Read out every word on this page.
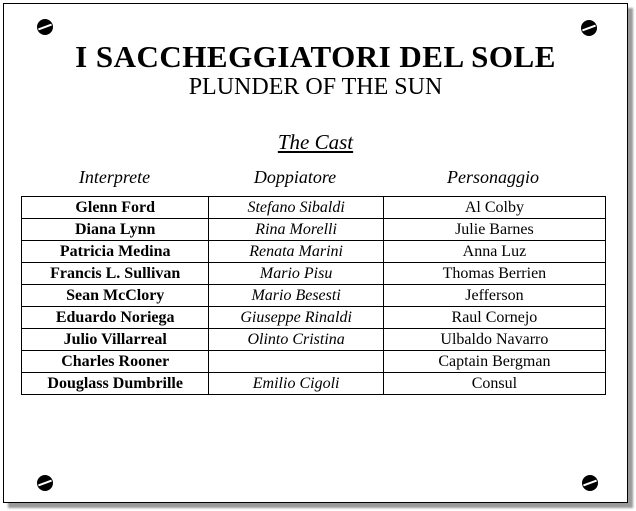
I SACCHEGGIATORI DEL SOLE
PLUNDER OF THE SUN
The Cast
Interprete	Doppiatore	Personaggio
Glenn Ford	Stefano Sibaldi	Al Colby
Diana Lynn	Rina Morelli	Julie Barnes
Patricia Medina	Renata Marini	Anna Luz
Francis L. Sullivan	Mario Pisu	Thomas Berrien
Sean McClory	Mario Besesti	Jefferson
Eduardo Noriega	Giuseppe Rinaldi	Raul Cornejo
Julio Villarreal	Olinto Cristina	Ulbaldo Navarro
Charles Rooner		Captain Bergman
Douglass Dumbrille	Emilio Cigoli	Consul
